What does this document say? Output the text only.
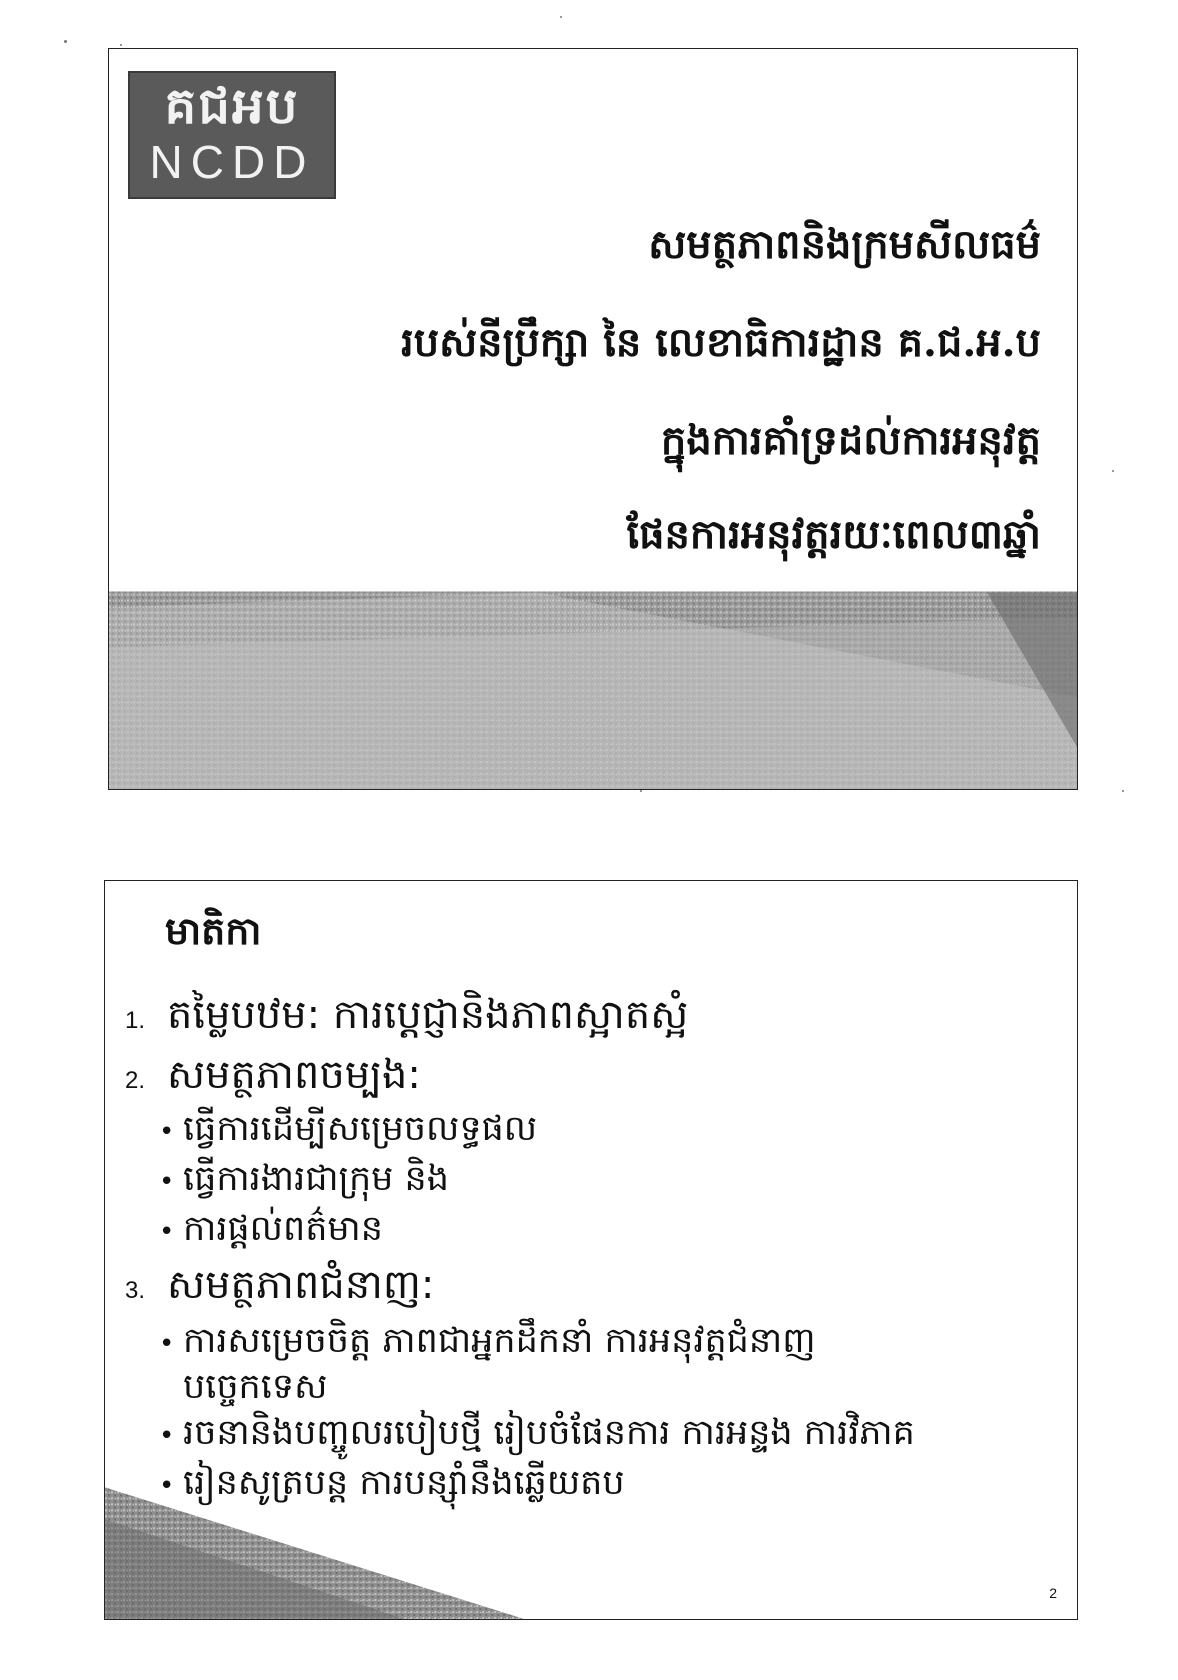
គជអប
NCDD
សមត្ថភាពនិងក្រមសីលធម៌
របស់នីប្រឹក្សា នៃ លេខាធិការដ្ឋាន គ.ជ.អ.ប
ក្នុងការគាំទ្រដល់ការអនុវត្ត
ផែនការអនុវត្តរយៈពេល៣ឆ្នាំ
មាតិកា
1. តម្លៃបឋម: ការប្ដេជ្ញានិងភាពស្អាតស្អំ
2. សមត្ថភាពចម្បង:
• ធ្វើការដើម្បីសម្រេចលទ្ធផល
• ធ្វើការងារជាក្រុម និង
• ការផ្ដល់ពត៌មាន
3. សមត្ថភាពជំនាញ:
• ការសម្រេចចិត្ត ភាពជាអ្នកដឹកនាំ ការអនុវត្តជំនាញ
បច្ចេកទេស
• រចនានិងបញ្ចូលរបៀបថ្មី រៀបចំផែនការ ការអន្ទង ការវិភាគ
• រៀនសូត្របន្ត ការបន្ស៊ាំនឹងឆ្លើយតប
2
